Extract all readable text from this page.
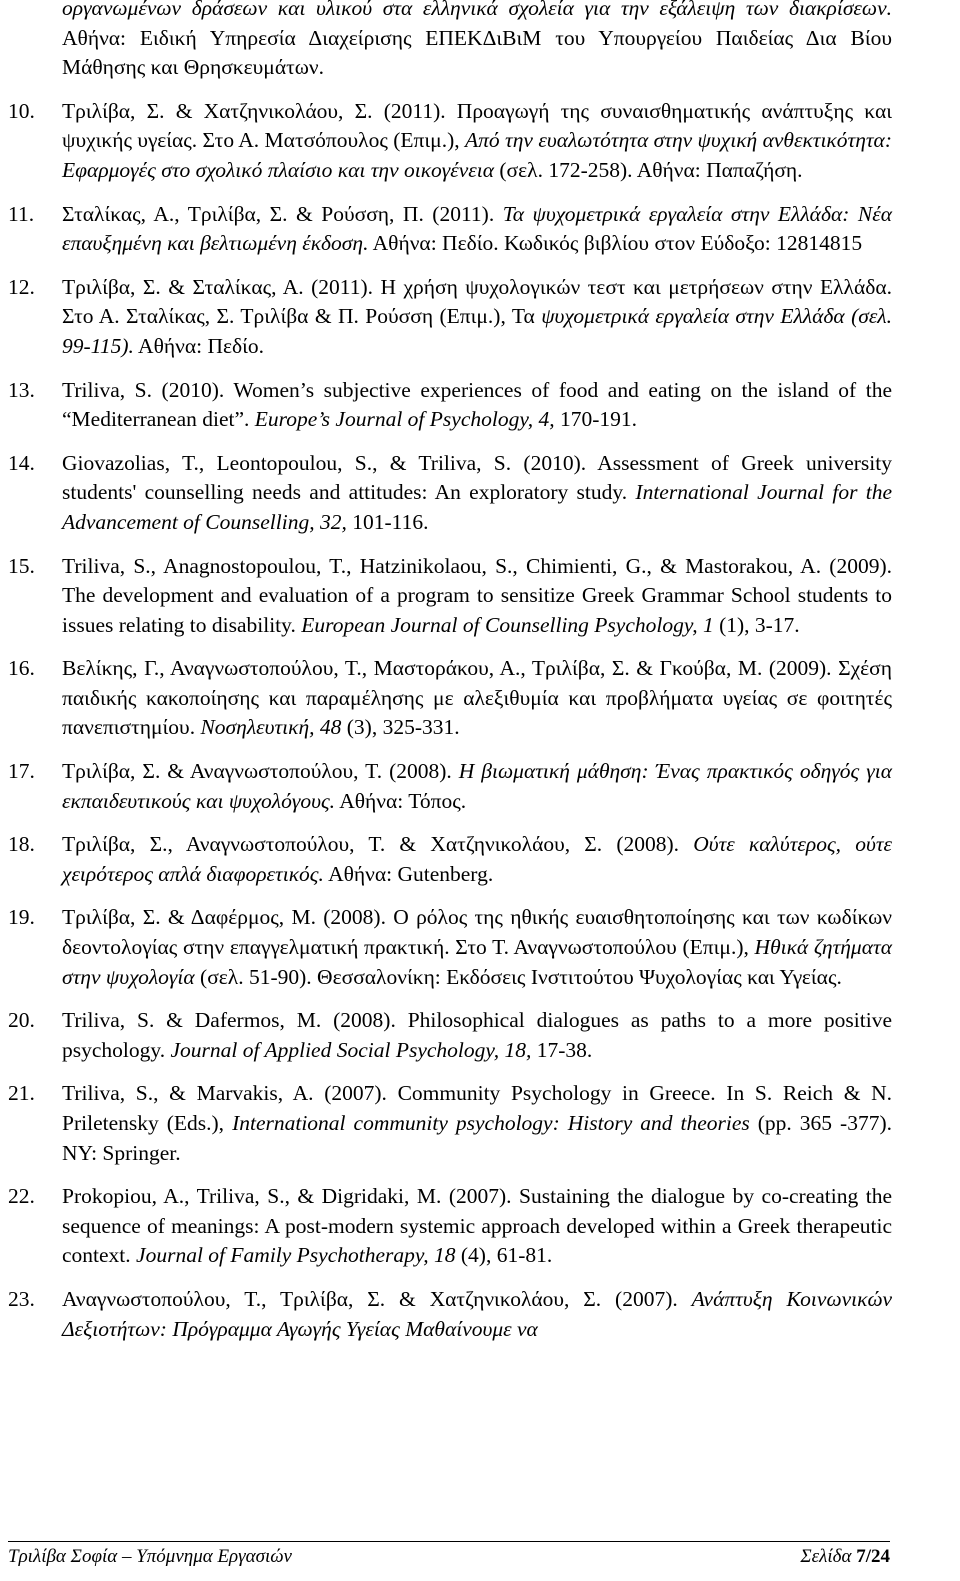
οργανωμένων δράσεων και υλικού στα ελληνικά σχολεία για την εξάλειψη των διακρίσεων. Αθήνα: Ειδική Υπηρεσία Διαχείρισης ΕΠΕΚΔιΒιΜ του Υπουργείου Παιδείας Δια Βίου Μάθησης και Θρησκευμάτων.
10. Τριλίβα, Σ. & Χατζηνικολάου, Σ. (2011). Προαγωγή της συναισθηματικής ανάπτυξης και ψυχικής υγείας. Στο Α. Ματσόπουλος (Επιμ.), Από την ευαλωτότητα στην ψυχική ανθεκτικότητα: Εφαρμογές στο σχολικό πλαίσιο και την οικογένεια (σελ. 172-258). Αθήνα: Παπαζήση.
11. Σταλίκας, Α., Τριλίβα, Σ. & Ρούσση, Π. (2011). Τα ψυχομετρικά εργαλεία στην Ελλάδα: Νέα επαυξημένη και βελτιωμένη έκδοση. Αθήνα: Πεδίο. Κωδικός βιβλίου στον Εύδοξο: 12814815
12. Τριλίβα, Σ. & Σταλίκας, Α. (2011). Η χρήση ψυχολογικών τεστ και μετρήσεων στην Ελλάδα. Στο Α. Σταλίκας, Σ. Τριλίβα & Π. Ρούσση (Επιμ.), Τα ψυχομετρικά εργαλεία στην Ελλάδα (σελ. 99-115). Αθήνα: Πεδίο.
13. Triliva, S. (2010). Women’s subjective experiences of food and eating on the island of the “Mediterranean diet”. Europe’s Journal of Psychology, 4, 170-191.
14. Giovazolias, T., Leontopoulou, S., & Triliva, S. (2010). Assessment of Greek university students' counselling needs and attitudes: An exploratory study. International Journal for the Advancement of Counselling, 32, 101-116.
15. Triliva, S., Anagnostopoulou, T., Hatzinikolaou, S., Chimienti, G., & Mastorakou, A. (2009). The development and evaluation of a program to sensitize Greek Grammar School students to issues relating to disability. European Journal of Counselling Psychology, 1 (1), 3-17.
16. Βελίκης, Γ., Αναγνωστοπούλου, Τ., Μαστοράκου, Α., Τριλίβα, Σ. & Γκούβα, Μ. (2009). Σχέση παιδικής κακοποίησης και παραμέλησης με αλεξιθυμία και προβλήματα υγείας σε φοιτητές πανεπιστημίου. Νοσηλευτική, 48 (3), 325-331.
17. Τριλίβα, Σ. & Αναγνωστοπούλου, Τ. (2008). Η βιωματική μάθηση: Ένας πρακτικός οδηγός για εκπαιδευτικούς και ψυχολόγους. Αθήνα: Τόπος.
18. Τριλίβα, Σ., Αναγνωστοπούλου, Τ. & Χατζηνικολάου, Σ. (2008). Ούτε καλύτερος, ούτε χειρότερος απλά διαφορετικός. Αθήνα: Gutenberg.
19. Τριλίβα, Σ. & Δαφέρμος, Μ. (2008). Ο ρόλος της ηθικής ευαισθητοποίησης και των κωδίκων δεοντολογίας στην επαγγελματική πρακτική. Στο Τ. Αναγνωστοπούλου (Επιμ.), Ηθικά ζητήματα στην ψυχολογία (σελ. 51-90). Θεσσαλονίκη: Εκδόσεις Ινστιτούτου Ψυχολογίας και Υγείας.
20. Triliva, S. & Dafermos, M. (2008). Philosophical dialogues as paths to a more positive psychology. Journal of Applied Social Psychology, 18, 17-38.
21. Triliva, S., & Marvakis, A. (2007). Community Psychology in Greece. In S. Reich & N. Priletensky (Eds.), International community psychology: History and theories (pp. 365 -377). NY: Springer.
22. Prokopiou, A., Triliva, S., & Digridaki, M. (2007). Sustaining the dialogue by co-creating the sequence of meanings: A post-modern systemic approach developed within a Greek therapeutic context. Journal of Family Psychotherapy, 18 (4), 61-81.
23. Αναγνωστοπούλου, Τ., Τριλίβα, Σ. & Χατζηνικολάου, Σ. (2007). Ανάπτυξη Κοινωνικών Δεξιοτήτων: Πρόγραμμα Αγωγής Υγείας Μαθαίνουμε να
Τριλίβα Σοφία – Υπόμνημα Εργασιών	Σελίδα 7/24
